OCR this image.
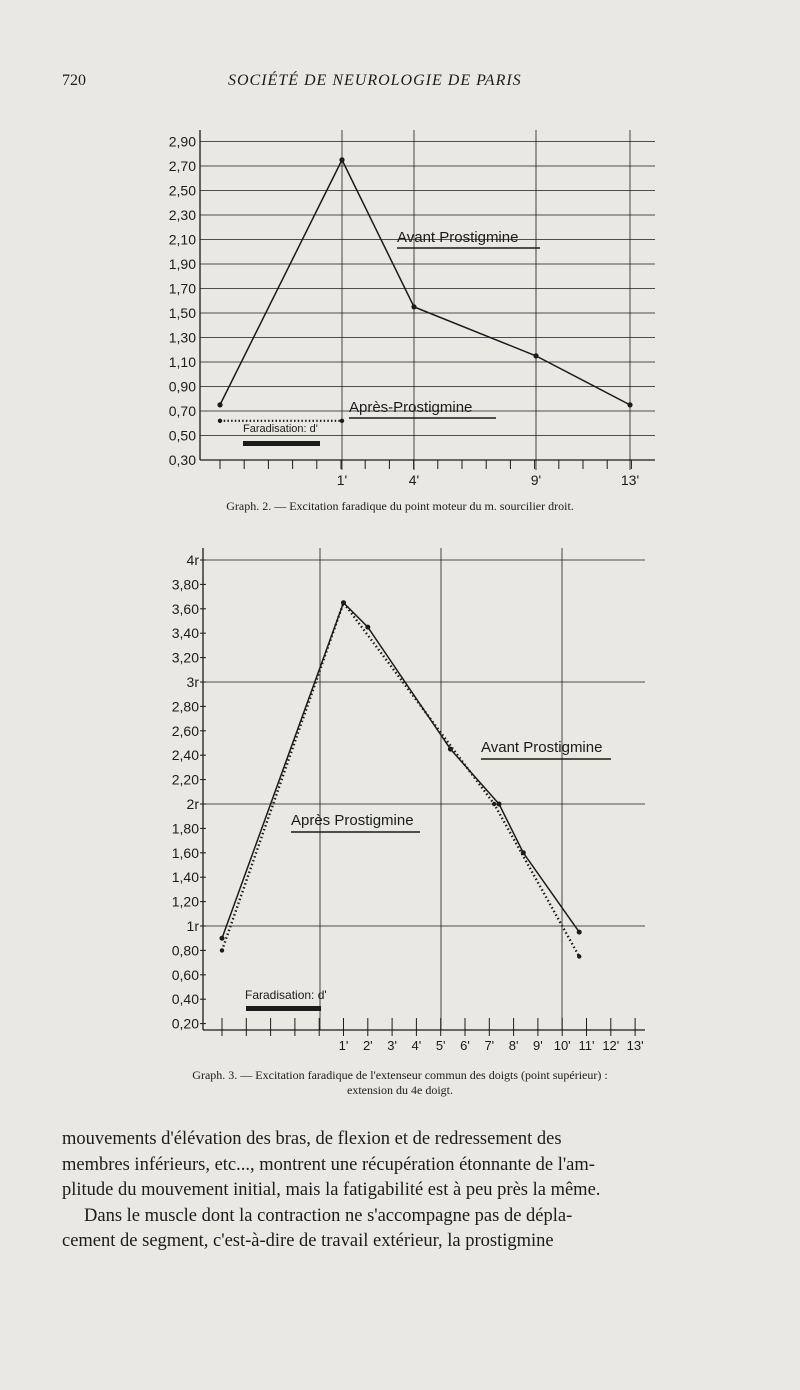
720	SOCIÉTÉ DE NEUROLOGIE DE PARIS
2,90
2,70
2,50
2,30
2,10
1,90
1,70
1,50
1,30
1,10
0,90
0,70
0,50
0,30
1'	4'	9'	13'
Avant Prostigmine
Après-Prostigmine
Faradisation: d'
Graph. 2. — Excitation faradique du point moteur du m. sourcilier droit.
4r
3,80
3,60
3,40
3,20
3r
2,80
2,60
2,40
2,20
2r
1,80
1,60
1,40
1,20
1r
0,80
0,60
0,40
0,20
1' 2' 3' 4' 5' 6' 7' 8' 9' 10' 11' 12' 13'
Avant Prostigmine
Après Prostigmine
Faradisation: d'
Graph. 3. — Excitation faradique de l'extenseur commun des doigts (point supérieur) :
extension du 4e doigt.

mouvements d'élévation des bras, de flexion et de redressement des

membres inférieurs, etc..., montrent une récupération étonnante de l'am-

plitude du mouvement initial, mais la fatigabilité est à peu près la même.

Dans le muscle dont la contraction ne s'accompagne pas de dépla-

cement de segment, c'est-à-dire de travail extérieur, la prostigmine
